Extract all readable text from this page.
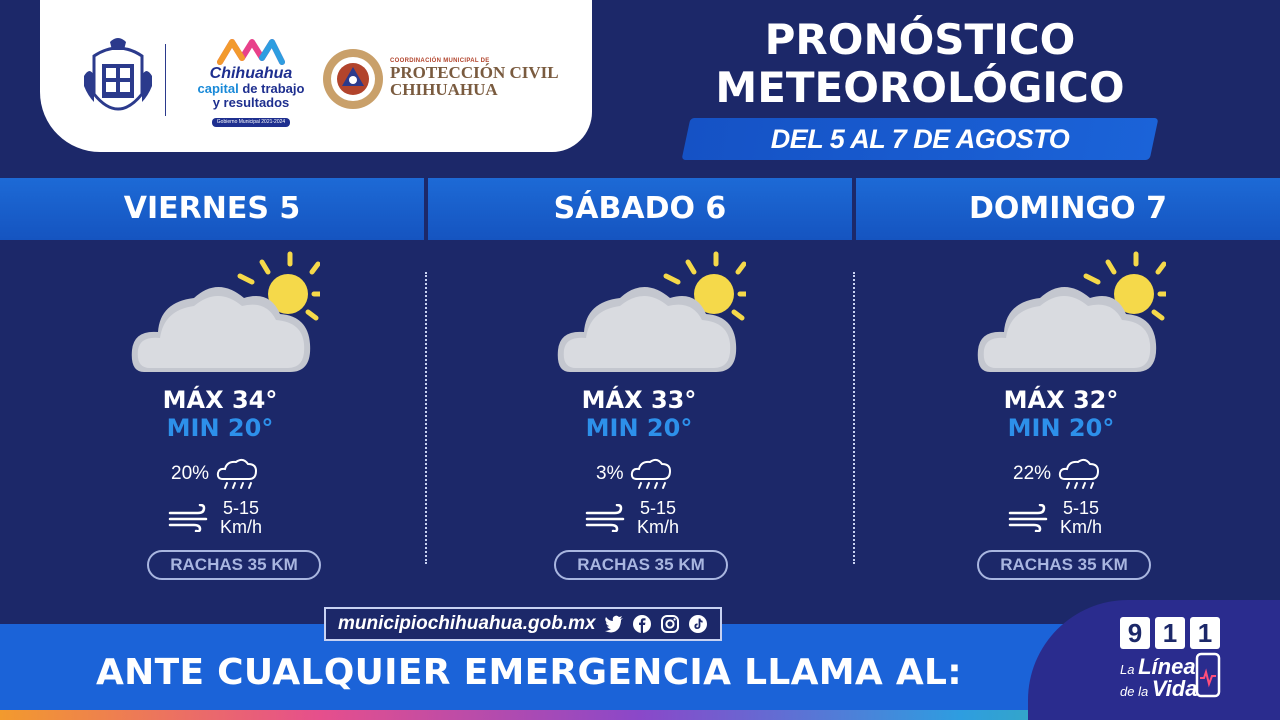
Chihuahua
capital de trabajo
y resultados
Gobierno Municipal 2021-2024
COORDINACIÓN MUNICIPAL DE
PROTECCIÓN CIVIL
CHIHUAHUA
PRONÓSTICO
METEOROLÓGICO
DEL 5 AL 7 DE AGOSTO
VIERNES 5	SÁBADO 6	DOMINGO 7
MÁX 34°
MIN 20°
20%
5-15
Km/h
RACHAS 35 KM
MÁX 33°
MIN 20°
3%
5-15
Km/h
RACHAS 35 KM
MÁX 32°
MIN 20°
22%
5-15
Km/h
RACHAS 35 KM
municipiochihuahua.gob.mx
ANTE CUALQUIER EMERGENCIA LLAMA AL:
9 1 1
La Línea
de la Vida
